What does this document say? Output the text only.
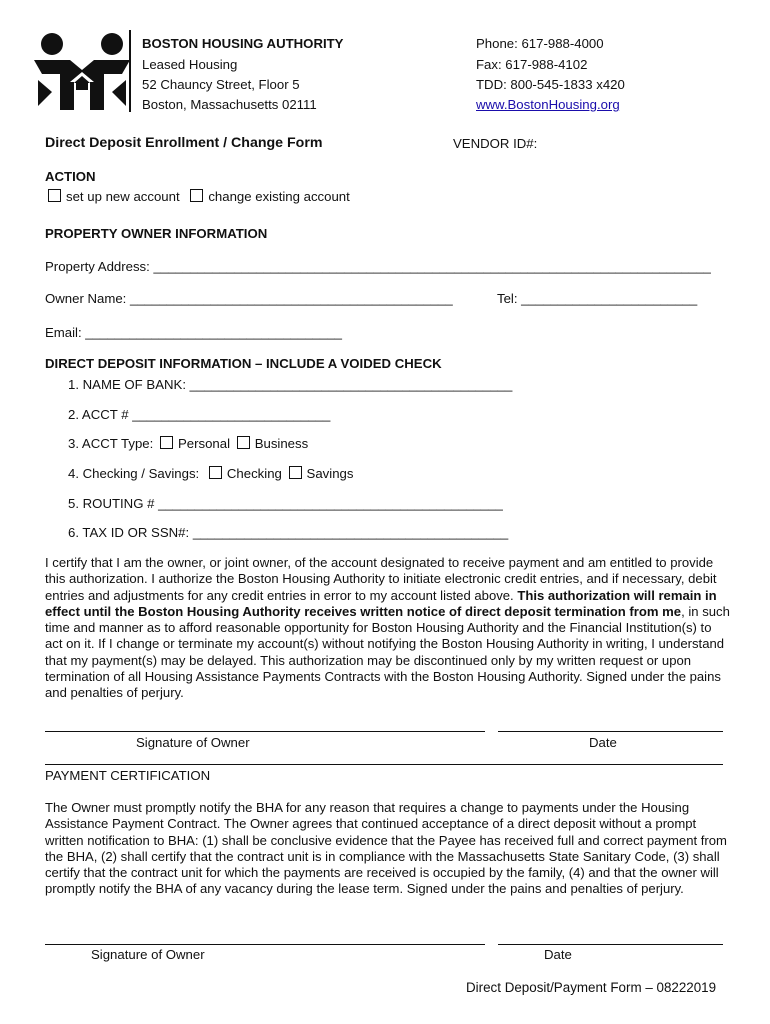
BOSTON HOUSING AUTHORITY
Leased Housing
52 Chauncy Street, Floor 5
Boston, Massachusetts 02111
Phone: 617-988-4000
Fax: 617-988-4102
TDD: 800-545-1833 x420
www.BostonHousing.org
Direct Deposit Enrollment / Change Form	VENDOR ID#:
ACTION
set up new account change existing account
PROPERTY OWNER INFORMATION
Property Address: ____________________________________________________________________________
Owner Name: ____________________________________________	Tel: ________________________
Email: ___________________________________
DIRECT DEPOSIT INFORMATION – INCLUDE A VOIDED CHECK
1. NAME OF BANK: ____________________________________________
2. ACCT # ___________________________
3. ACCT Type: Personal Business
4. Checking / Savings: Checking Savings
5. ROUTING # _______________________________________________
6. TAX ID OR SSN#: ___________________________________________

I certify that I am the owner, or joint owner, of the account designated to receive payment and am entitled to provide this authorization. I authorize the Boston Housing Authority to initiate electronic credit entries, and if necessary, debit entries and adjustments for any credit entries in error to my account listed above. This authorization will remain in effect until the Boston Housing Authority receives written notice of direct deposit termination from me, in such time and manner as to afford reasonable opportunity for Boston Housing Authority and the Financial Institution(s) to act on it. If I change or terminate my account(s) without notifying the Boston Housing Authority in writing, I understand that my payment(s) may be delayed. This authorization may be discontinued only by my written request or upon termination of all Housing Assistance Payments Contracts with the Boston Housing Authority. Signed under the pains and penalties of perjury.

Signature of Owner	Date
PAYMENT CERTIFICATION

The Owner must promptly notify the BHA for any reason that requires a change to payments under the Housing Assistance Payment Contract. The Owner agrees that continued acceptance of a direct deposit without a prompt written notification to BHA: (1) shall be conclusive evidence that the Payee has received full and correct payment from the BHA, (2) shall certify that the contract unit is in compliance with the Massachusetts State Sanitary Code, (3) shall certify that the contract unit for which the payments are received is occupied by the family, (4) and that the owner will promptly notify the BHA of any vacancy during the lease term. Signed under the pains and penalties of perjury.

Signature of Owner	Date
Direct Deposit/Payment Form – 08222019
